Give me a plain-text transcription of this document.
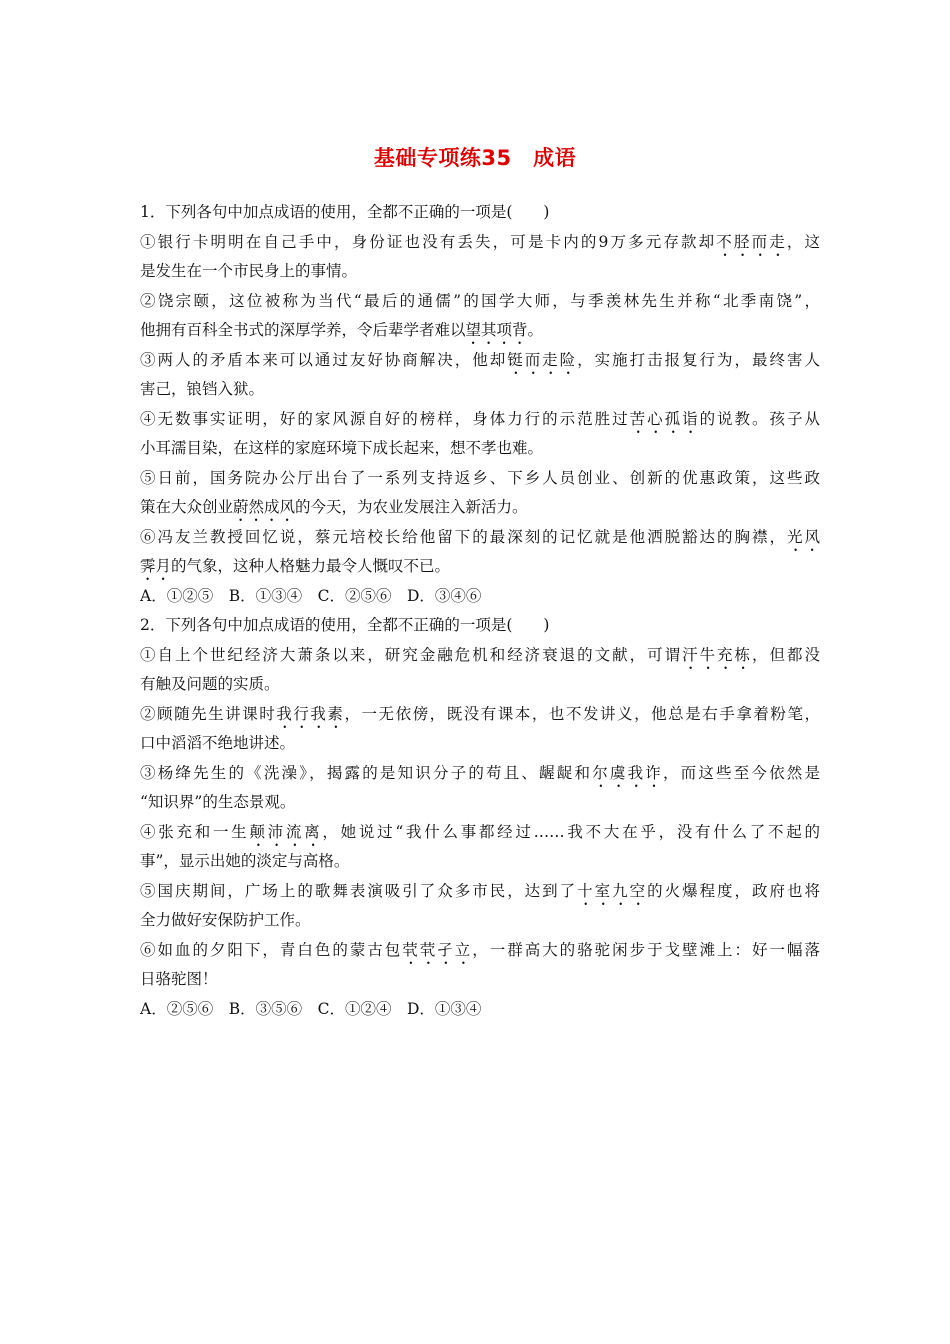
基础专项练35　成语
1．下列各句中加点成语的使用，全都不正确的一项是(　　)
①银行卡明明在自己手中，身份证也没有丢失，可是卡内的9万多元存款却不胫而走，这
是发生在一个市民身上的事情。
②饶宗颐，这位被称为当代“最后的通儒”的国学大师，与季羡林先生并称“北季南饶”，
他拥有百科全书式的深厚学养，令后辈学者难以望其项背。
③两人的矛盾本来可以通过友好协商解决，他却铤而走险，实施打击报复行为，最终害人
害己，锒铛入狱。
④无数事实证明，好的家风源自好的榜样，身体力行的示范胜过苦心孤诣的说教。孩子从
小耳濡目染，在这样的家庭环境下成长起来，想不孝也难。
⑤日前，国务院办公厅出台了一系列支持返乡、下乡人员创业、创新的优惠政策，这些政
策在大众创业蔚然成风的今天，为农业发展注入新活力。
⑥冯友兰教授回忆说，蔡元培校长给他留下的最深刻的记忆就是他洒脱豁达的胸襟，光风
霁月的气象，这种人格魅力最令人慨叹不已。
A．①②⑤　B．①③④　C．②⑤⑥　D．③④⑥
2．下列各句中加点成语的使用，全都不正确的一项是(　　)
①自上个世纪经济大萧条以来，研究金融危机和经济衰退的文献，可谓汗牛充栋，但都没
有触及问题的实质。
②顾随先生讲课时我行我素，一无依傍，既没有课本，也不发讲义，他总是右手拿着粉笔，
口中滔滔不绝地讲述。
③杨绛先生的《洗澡》，揭露的是知识分子的苟且、龌龊和尔虞我诈，而这些至今依然是
“知识界”的生态景观。
④张充和一生颠沛流离，她说过“我什么事都经过……我不大在乎，没有什么了不起的
事”，显示出她的淡定与高格。
⑤国庆期间，广场上的歌舞表演吸引了众多市民，达到了十室九空的火爆程度，政府也将
全力做好安保防护工作。
⑥如血的夕阳下，青白色的蒙古包茕茕孑立，一群高大的骆驼闲步于戈壁滩上：好一幅落
日骆驼图！
A．②⑤⑥　B．③⑤⑥　C．①②④　D．①③④
